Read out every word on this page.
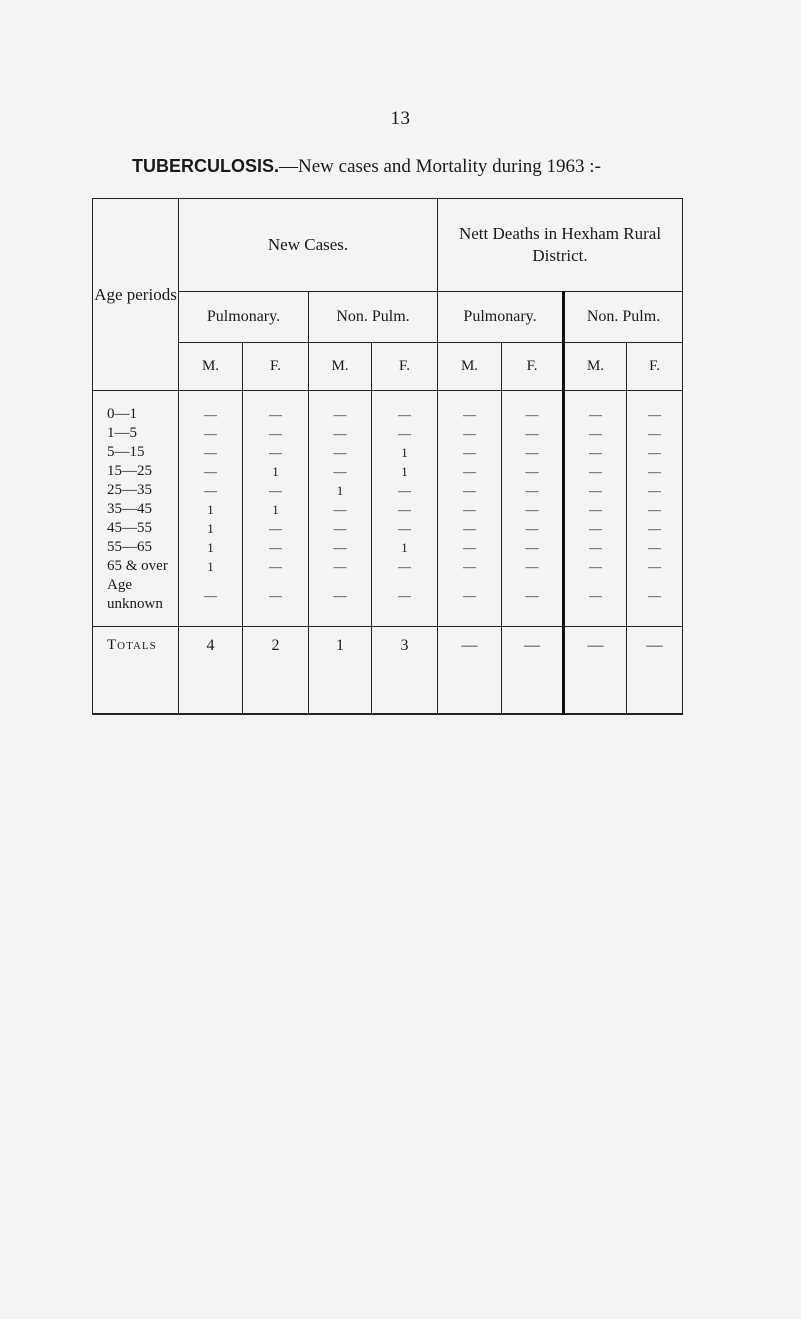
13
TUBERCULOSIS.—New cases and Mortality during 1963 :-
Age periods	New Cases.				Nett Deaths in Hexham Rural District.			
	Pulmonary.		Non. Pulm.		Pulmonary.		Non. Pulm.	
	M.	F.	M.	F.	M.	F.	M.	F.
0—1	—	—	—	—	—	—	—	—
1—5	—	—	—	—	—	—	—	—
5—15	—	—	—	1	—	—	—	—
15—25	—	1	—	1	—	—	—	—
25—35	—	—	1	—	—	—	—	—
35—45	1	1	—	—	—	—	—	—
45—55	1	—	—	—	—	—	—	—
55—65	1	—	—	1	—	—	—	—
65 & over	1	—	—	—	—	—	—	—
Age unknown	—	—	—	—	—	—	—	—
Totals	4	2	1	3	—	—	—	—
